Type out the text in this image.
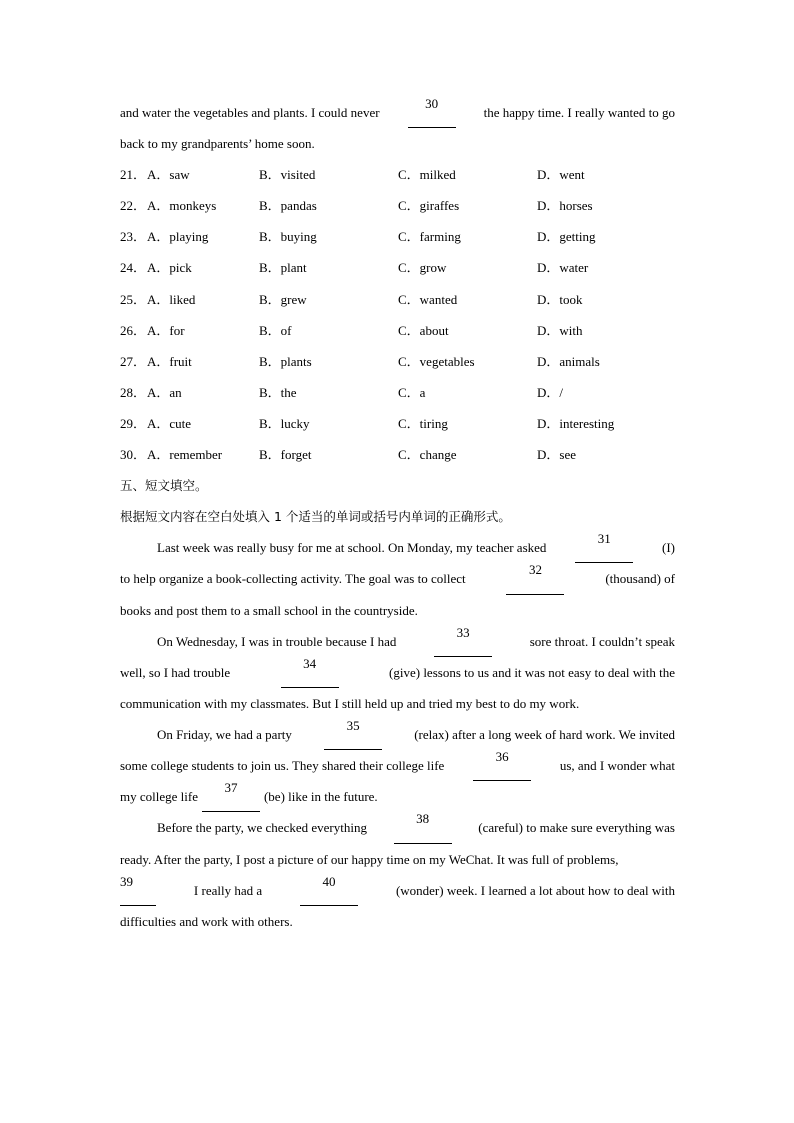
and water the vegetables and plants. I could never
30
the happy time. I really wanted to go
back to my grandparents’ home soon.
21． A．saw	B．visited	C．milked	D．went
22． A．monkeys	B．pandas	C．giraffes	D．horses
23． A．playing	B．buying	C．farming	D．getting
24． A．pick	B．plant	C．grow	D．water
25． A．liked	B．grew	C．wanted	D．took
26． A．for	B．of	C．about	D．with
27． A．fruit	B．plants	C．vegetables	D．animals
28． A．an	B．the	C．a	D．/
29． A．cute	B．lucky	C．tiring	D．interesting
30． A．remember	B．forget	C．change	D．see
五、短文填空。
根据短文内容在空白处填入 1 个适当的单词或括号内单词的正确形式。
Last week was really busy for me at school. On Monday, my teacher asked
31
(I)
to help organize a book-collecting activity. The goal was to collect
32
(thousand) of
books and post them to a small school in the countryside.
On Wednesday, I was in trouble because I had
33
sore throat. I couldn’t speak
well, so I had trouble
34
(give) lessons to us and it was not easy to deal with the
communication with my classmates. But I still held up and tried my best to do my work.
On Friday, we had a party
35
(relax) after a long week of hard work. We invited
some college students to join us. They shared their college life
36
us, and I wonder what
my college life
37
(be) like in the future.
Before the party, we checked everything
38
(careful) to make sure everything was
ready. After the party, I post a picture of our happy time on my WeChat. It was full of problems,
39
I really had a
40
(wonder) week. I learned a lot about how to deal with
difficulties and work with others.
